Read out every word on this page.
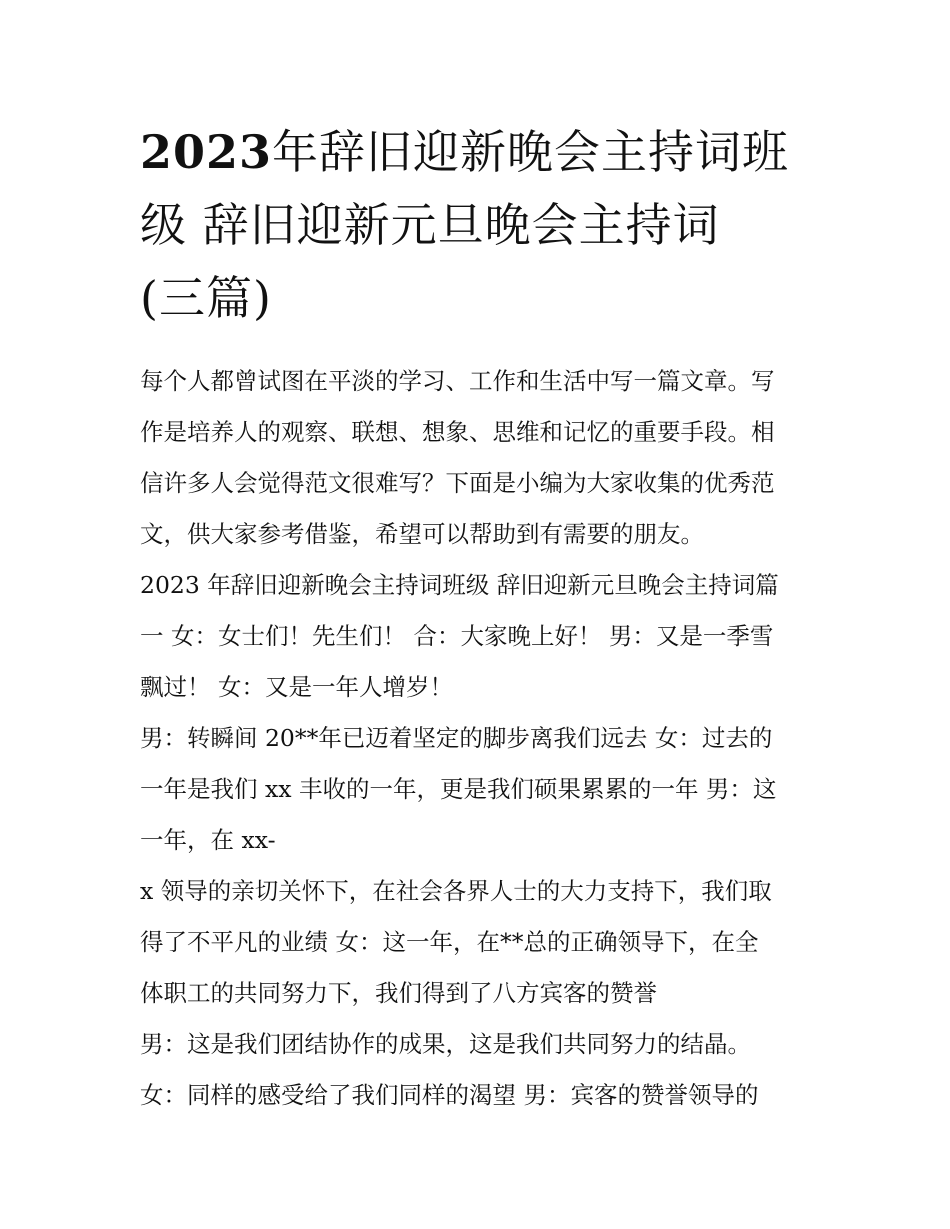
2023年辞旧迎新晚会主持词班
级 辞旧迎新元旦晚会主持词
(三篇)
每个人都曾试图在平淡的学习、工作和生活中写一篇文章。写
作是培养人的观察、联想、想象、思维和记忆的重要手段。相
信许多人会觉得范文很难写？下面是小编为大家收集的优秀范
文，供大家参考借鉴，希望可以帮助到有需要的朋友。
2023 年辞旧迎新晚会主持词班级 辞旧迎新元旦晚会主持词篇
一 女：女士们！先生们！ 合：大家晚上好！ 男：又是一季雪
飘过！ 女：又是一年人增岁！
男：转瞬间 20**年已迈着坚定的脚步离我们远去 女：过去的
一年是我们 xx 丰收的一年，更是我们硕果累累的一年 男：这
一年，在 xx-
x 领导的亲切关怀下，在社会各界人士的大力支持下，我们取
得了不平凡的业绩 女：这一年，在**总的正确领导下，在全
体职工的共同努力下，我们得到了八方宾客的赞誉
男：这是我们团结协作的成果，这是我们共同努力的结晶。
女：同样的感受给了我们同样的渴望 男：宾客的赞誉领导的
